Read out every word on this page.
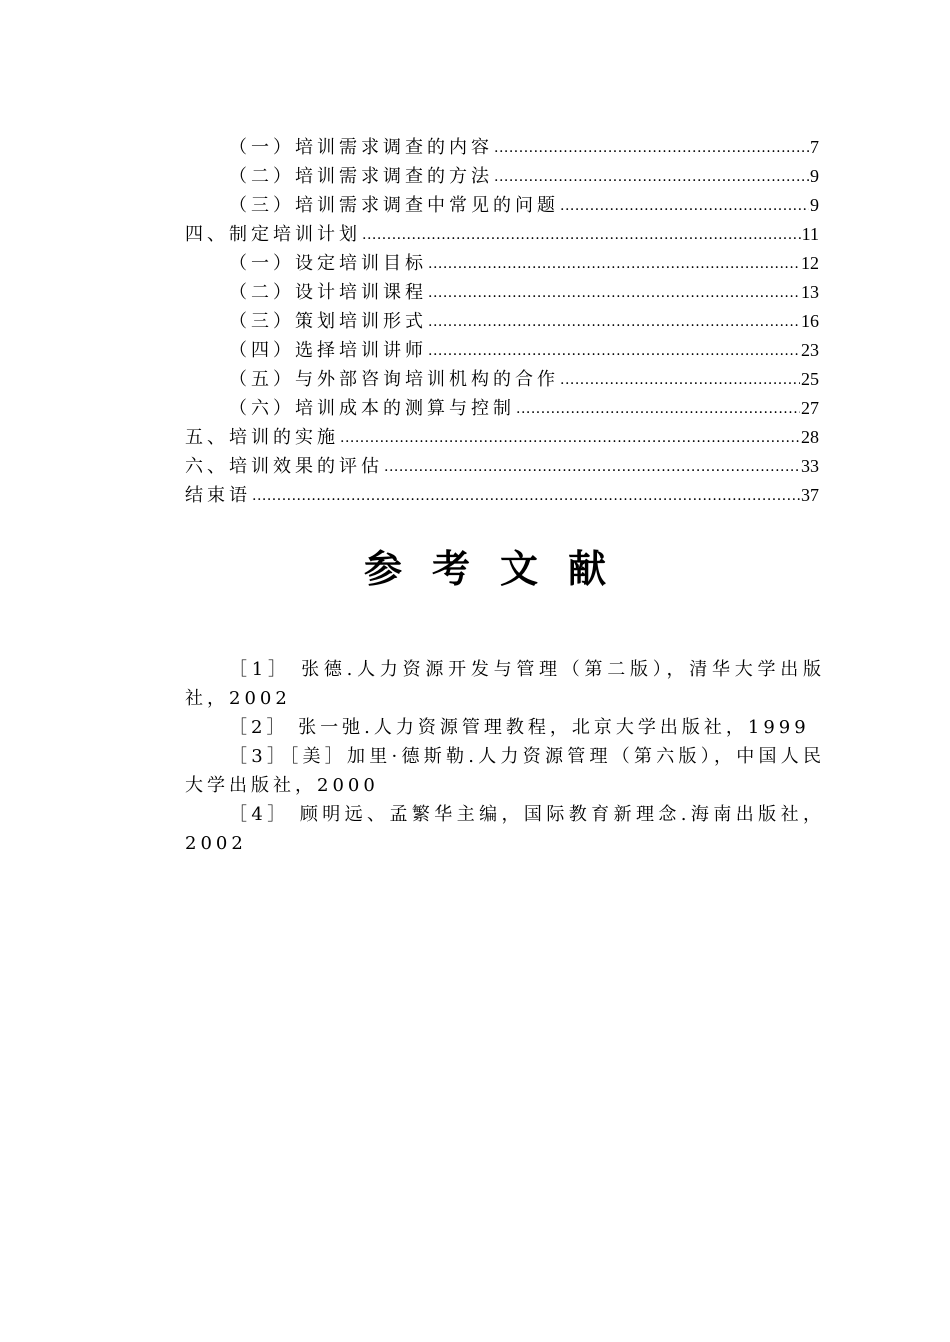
（一）培训需求调查的内容 .....	7
（二）培训需求调查的方法 .....	9
（三）培训需求调查中常见的问题 .....	9
四、制定培训计划 .....	11
（一）设定培训目标 .....	12
（二）设计培训课程 .....	13
（三）策划培训形式 .....	16
（四）选择培训讲师 .....	23
（五）与外部咨询培训机构的合作 .....	25
（六）培训成本的测算与控制 .....	27
五、培训的实施 .....	28
六、培训效果的评估 .....	33
结束语 .....	37
参考文献

［1］ 张德.人力资源开发与管理（第二版），清华大学出版社，2002

［2］ 张一弛.人力资源管理教程，北京大学出版社，1999

［3］［美］加里·德斯勒.人力资源管理（第六版），中国人民大学出版社，2000

［4］ 顾明远、孟繁华主编，国际教育新理念.海南出版社，2002
